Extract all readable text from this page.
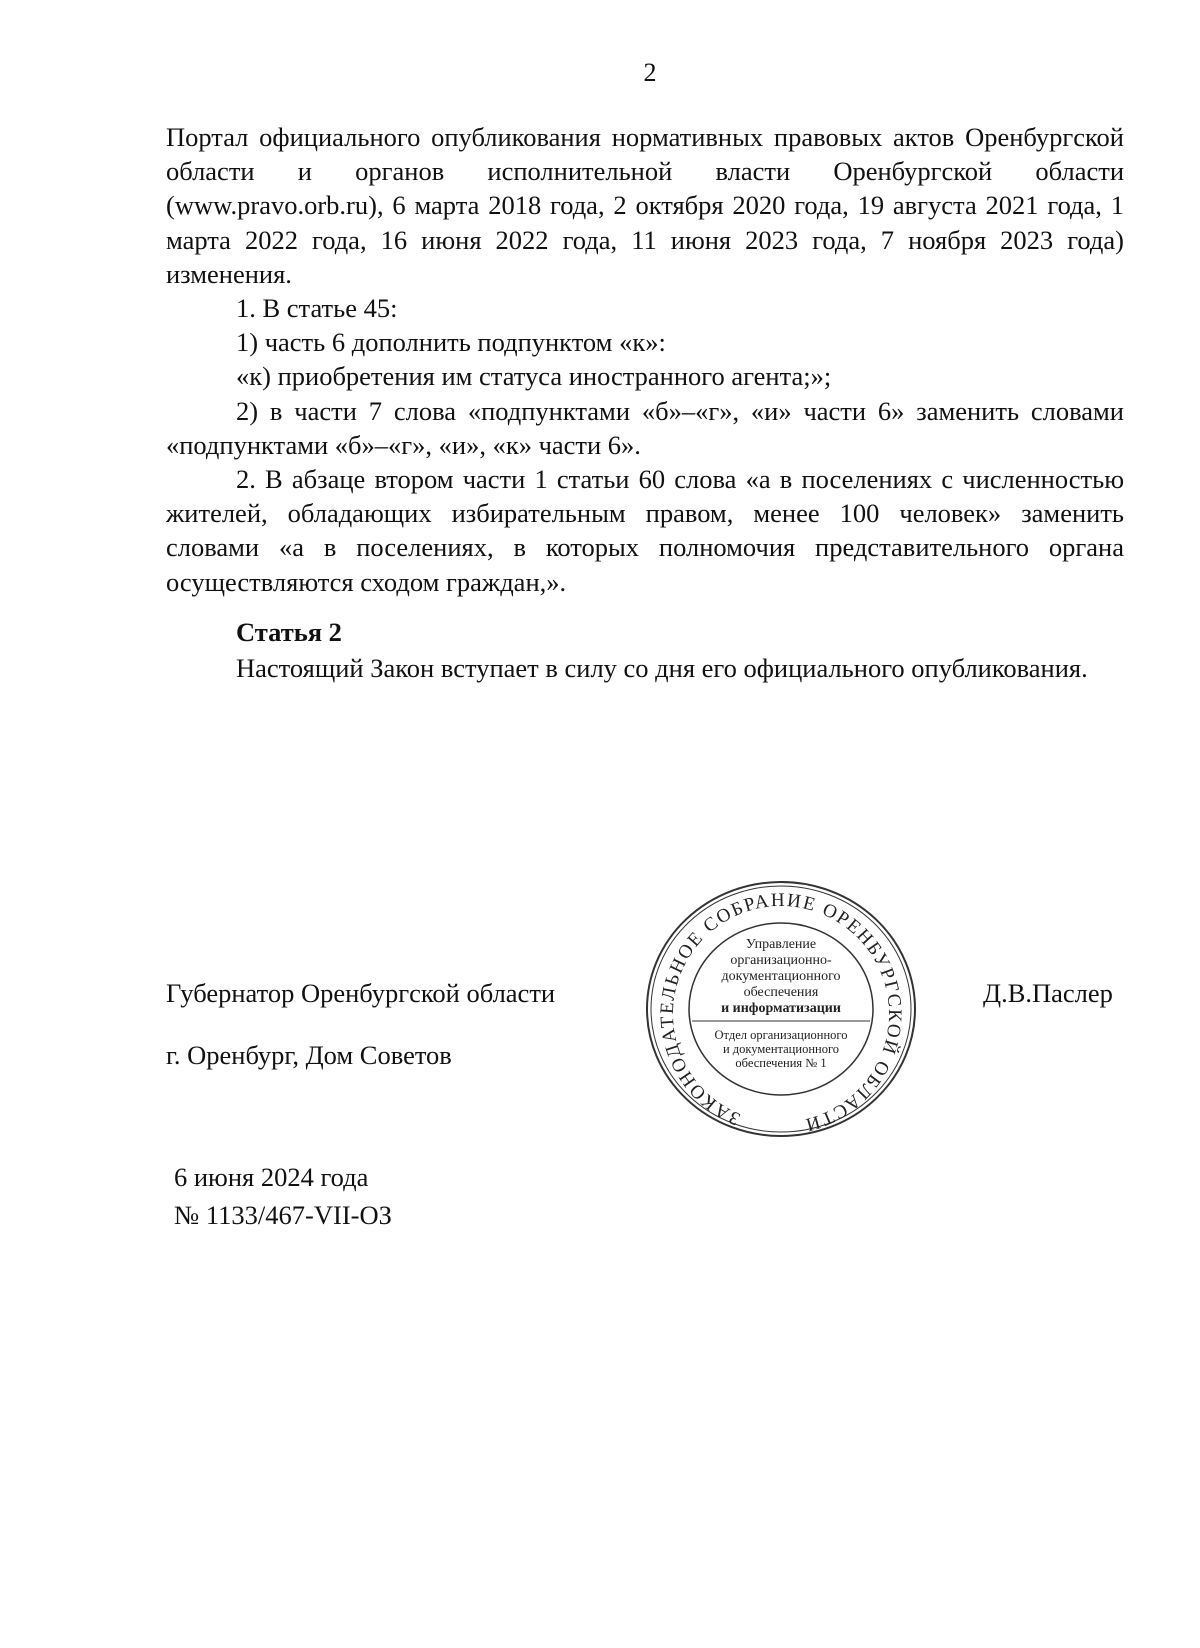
2

Портал официального опубликования нормативных правовых актов Оренбургской области и органов исполнительной власти Оренбургской области (www.pravo.orb.ru), 6 марта 2018 года, 2 октября 2020 года, 19 августа 2021 года, 1 марта 2022 года, 16 июня 2022 года, 11 июня 2023 года, 7 ноября 2023 года) изменения.

1. В статье 45:

1) часть 6 дополнить подпунктом «к»:

«к) приобретения им статуса иностранного агента;»;

2) в части 7 слова «подпунктами «б»–«г», «и» части 6» заменить словами «подпунктами «б»–«г», «и», «к» части 6».

2. В абзаце втором части 1 статьи 60 слова «а в поселениях с численностью жителей, обладающих избирательным правом, менее 100 человек» заменить словами «а в поселениях, в которых полномочия представительного органа осуществляются сходом граждан,».

Статья 2

Настоящий Закон вступает в силу со дня его официального опубликования.

Губернатор Оренбургской области
г. Оренбург, Дом Советов
Д.В.Паслер
ЗАКОНОДАТЕЛЬНОЕ СОБРАНИЕ ОРЕНБУРГСКОЙ ОБЛАСТИ
Управление
организационно-
документационного
обеспечения
и информатизации
Отдел организационного
и документационного
обеспечения № 1
6 июня 2024 года
№ 1133/467-VII-ОЗ
